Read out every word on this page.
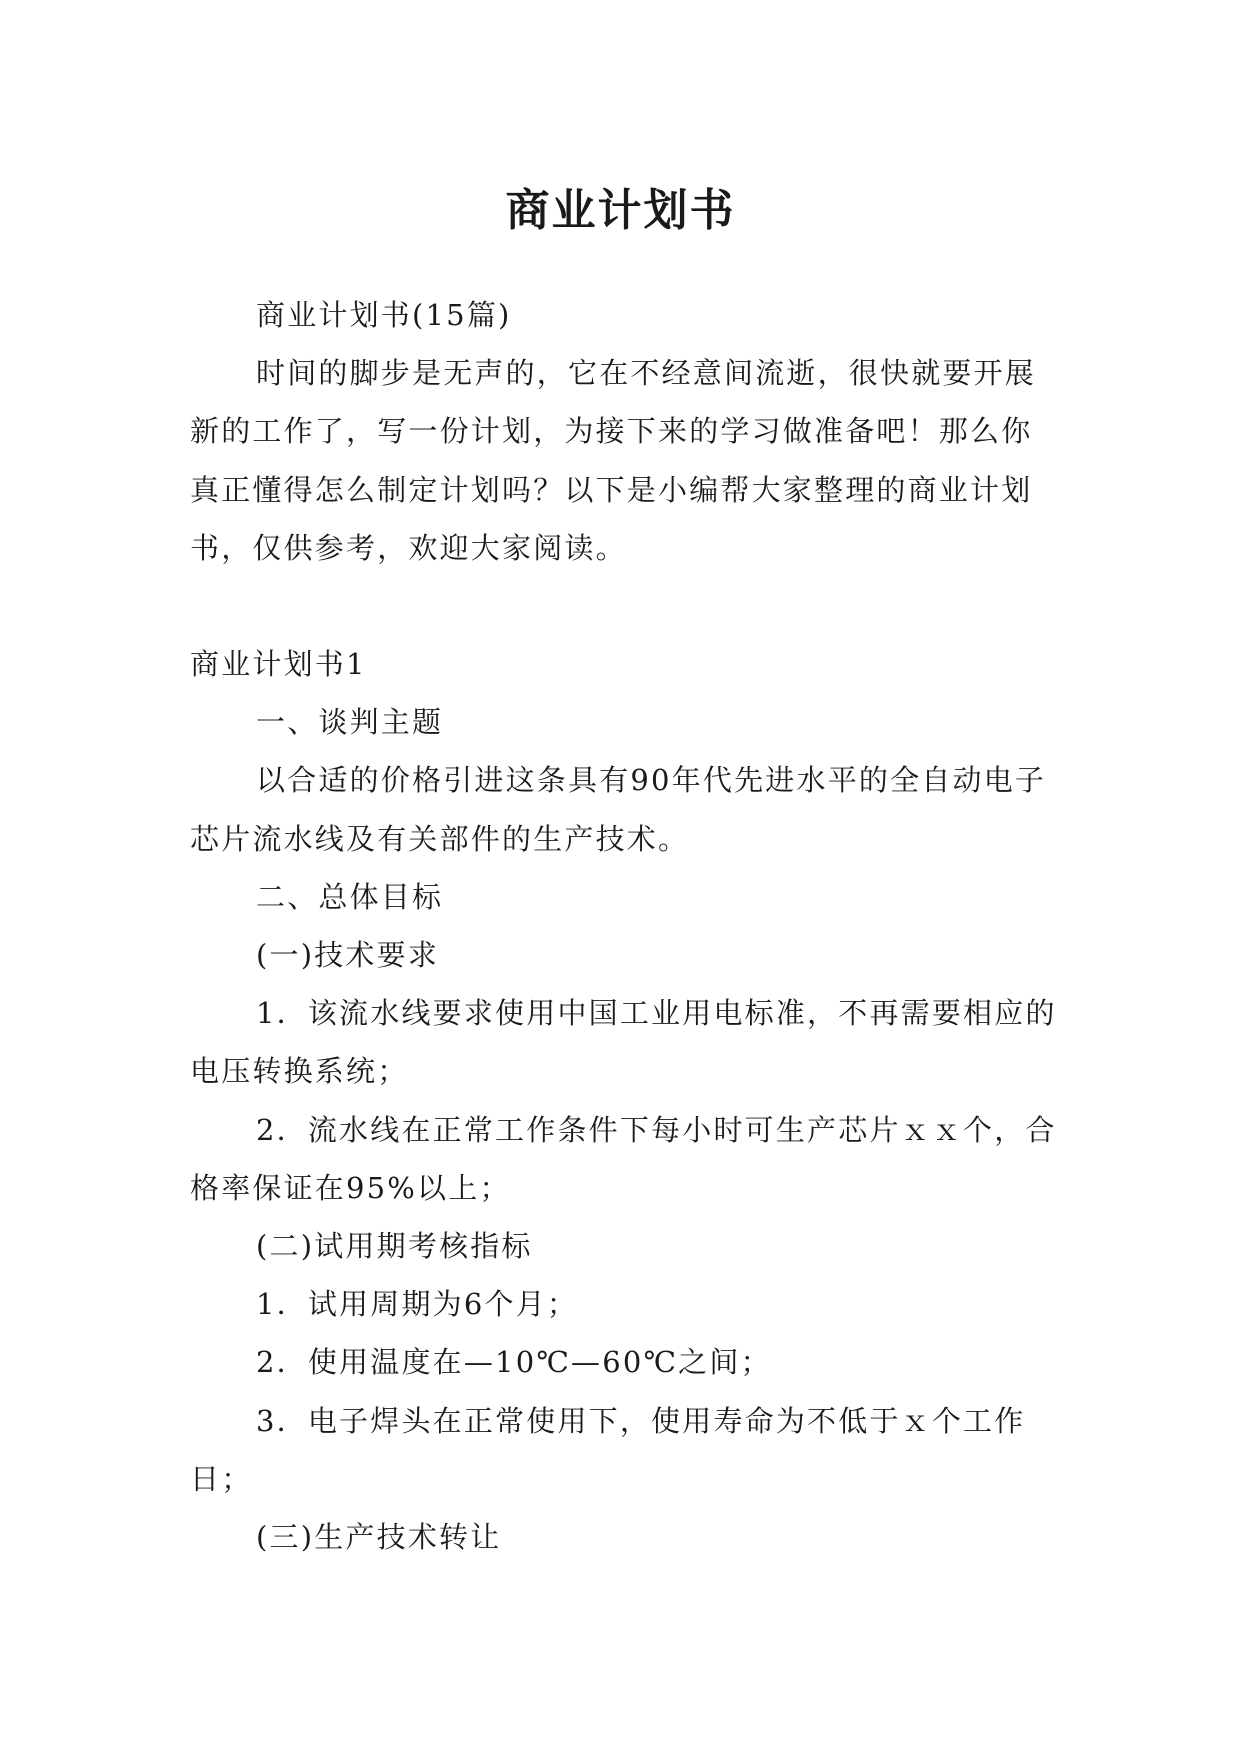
商业计划书

商业计划书(15篇)

时间的脚步是无声的，它在不经意间流逝，很快就要开展新的工作了，写一份计划，为接下来的学习做准备吧！那么你真正懂得怎么制定计划吗？以下是小编帮大家整理的商业计划书，仅供参考，欢迎大家阅读。

商业计划书1

一、谈判主题

以合适的价格引进这条具有90年代先进水平的全自动电子芯片流水线及有关部件的生产技术。

二、总体目标

(一)技术要求

1．该流水线要求使用中国工业用电标准，不再需要相应的电压转换系统；

2．流水线在正常工作条件下每小时可生产芯片ｘｘ个，合格率保证在95%以上；

(二)试用期考核指标

1．试用周期为6个月；

2．使用温度在—10℃—60℃之间；

3．电子焊头在正常使用下，使用寿命为不低于ｘ个工作日；

(三)生产技术转让
